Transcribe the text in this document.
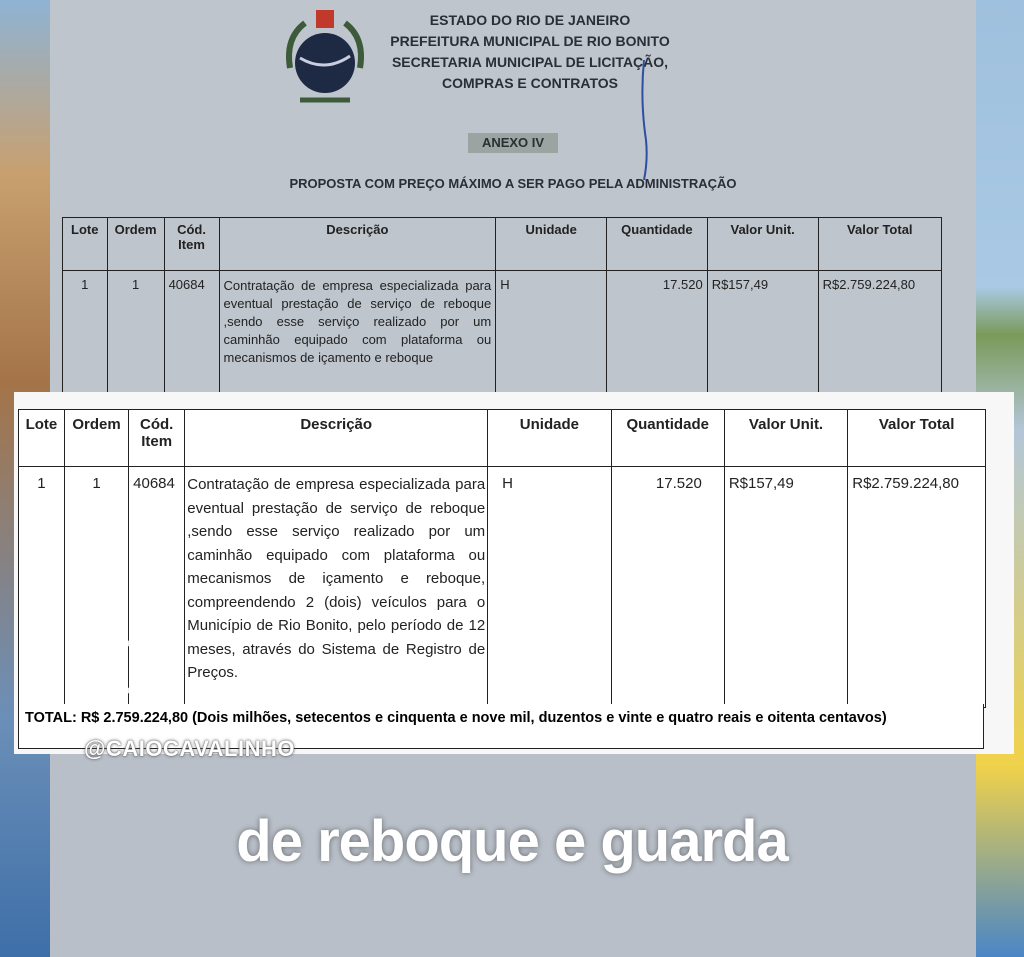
ESTADO DO RIO DE JANEIRO
PREFEITURA MUNICIPAL DE RIO BONITO
SECRETARIA MUNICIPAL DE LICITAÇÃO,
COMPRAS E CONTRATOS
ANEXO IV
PROPOSTA COM PREÇO MÁXIMO A SER PAGO PELA ADMINISTRAÇÃO
Lote	Ordem	Cód. Item	Descrição	Unidade	Quantidade	Valor Unit.	Valor Total
1	1	40684	Contratação de empresa especializada para eventual prestação de serviço de reboque ,sendo esse serviço realizado por um caminhão equipado com plataforma ou mecanismos de içamento e reboque	H	17.520	R$157,49	R$2.759.224,80
Lote	Ordem	Cód. Item	Descrição	Unidade	Quantidade	Valor Unit.	Valor Total
1	1	40684	Contratação de empresa especializada para eventual prestação de serviço de reboque ,sendo esse serviço realizado por um caminhão equipado com plataforma ou mecanismos de içamento e reboque, compreendendo 2 (dois) veículos para o Município de Rio Bonito, pelo período de 12 meses, através do Sistema de Registro de Preços.	H	17.520	R$157,49	R$2.759.224,80
TOTAL: R$ 2.759.224,80 (Dois milhões, setecentos e cinquenta e nove mil, duzentos e vinte e quatro reais e oitenta centavos)
@CAIOCAVALINHO
de reboque e guarda
